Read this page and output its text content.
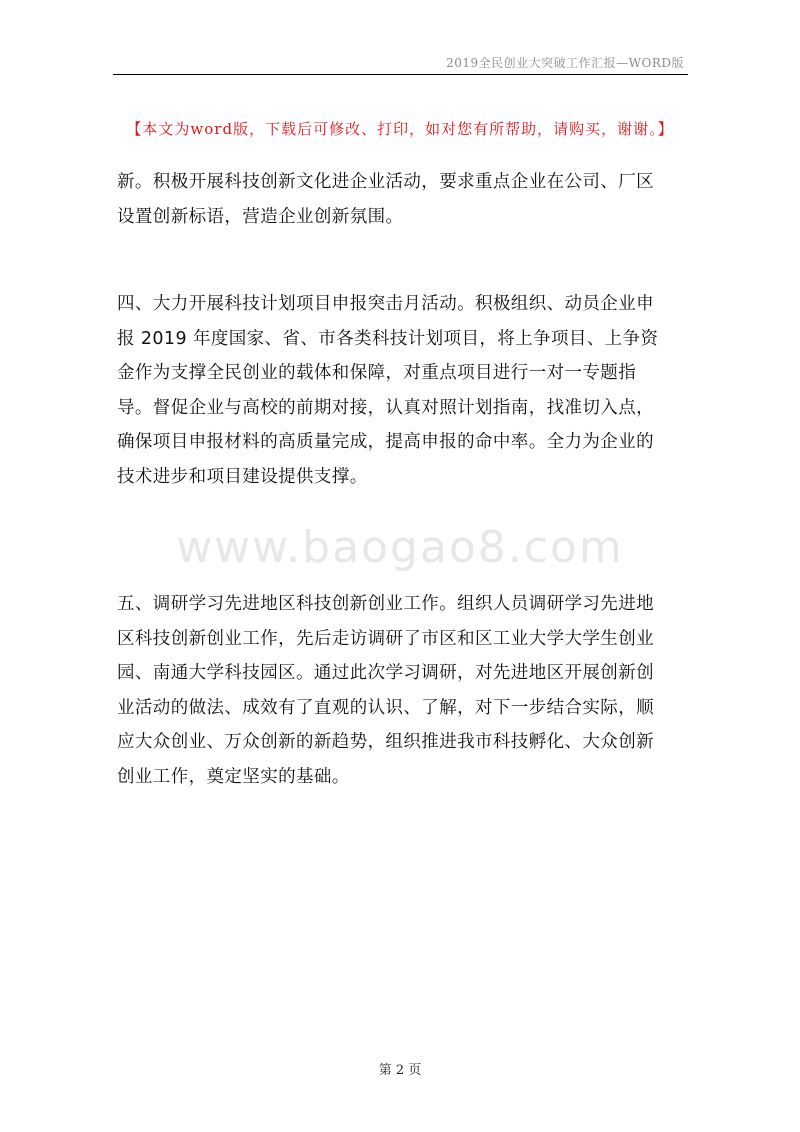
2019全民创业大突破工作汇报—WORD版
【本文为word版，下载后可修改、打印，如对您有所帮助，请购买，谢谢。】

新。积极开展科技创新文化进企业活动，要求重点企业在公司、厂区
设置创新标语，营造企业创新氛围。

四、大力开展科技计划项目申报突击月活动。积极组织、动员企业申
报 2019 年度国家、省、市各类科技计划项目，将上争项目、上争资
金作为支撑全民创业的载体和保障，对重点项目进行一对一专题指
导。督促企业与高校的前期对接，认真对照计划指南，找准切入点，
确保项目申报材料的高质量完成，提高申报的命中率。全力为企业的
技术进步和项目建设提供支撑。

www.baogao8.com

五、调研学习先进地区科技创新创业工作。组织人员调研学习先进地
区科技创新创业工作，先后走访调研了市区和区工业大学大学生创业
园、南通大学科技园区。通过此次学习调研，对先进地区开展创新创
业活动的做法、成效有了直观的认识、了解，对下一步结合实际，顺
应大众创业、万众创新的新趋势，组织推进我市科技孵化、大众创新
创业工作，奠定坚实的基础。

第 2 页
